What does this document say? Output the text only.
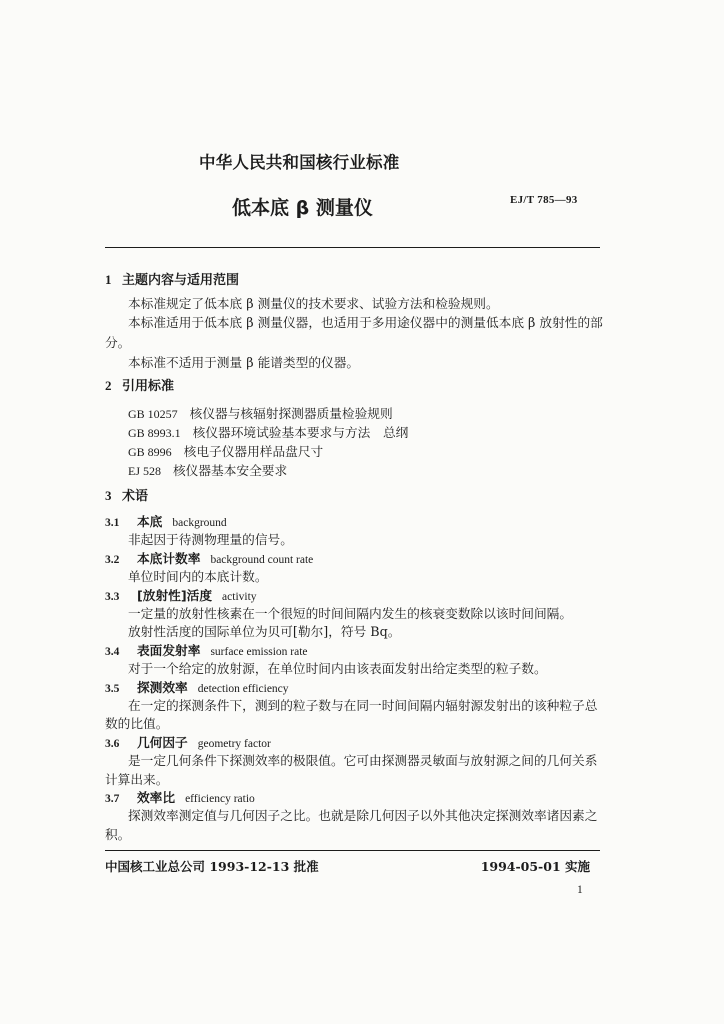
中华人民共和国核行业标准
低本底 β 测量仪	EJ/T 785—93
1 主题内容与适用范围
本标准规定了低本底 β 测量仪的技术要求、试验方法和检验规则。
本标准适用于低本底 β 测量仪器，也适用于多用途仪器中的测量低本底 β 放射性的部
分。
本标准不适用于测量 β 能谱类型的仪器。
2 引用标准
GB 10257 核仪器与核辐射探测器质量检验规则
GB 8993.1 核仪器环境试验基本要求与方法　总纲
GB 8996 核电子仪器用样品盘尺寸
EJ 528 核仪器基本安全要求
3 术语
3.1 本底 background
非起因于待测物理量的信号。
3.2 本底计数率 background count rate
单位时间内的本底计数。
3.3 [放射性]活度 activity
一定量的放射性核素在一个很短的时间间隔内发生的核衰变数除以该时间间隔。
放射性活度的国际单位为贝可[勒尔]，符号 Bq。
3.4 表面发射率 surface emission rate
对于一个给定的放射源，在单位时间内由该表面发射出给定类型的粒子数。
3.5 探测效率 detection efficiency
在一定的探测条件下，测到的粒子数与在同一时间间隔内辐射源发射出的该种粒子总
数的比值。
3.6 几何因子 geometry factor
是一定几何条件下探测效率的极限值。它可由探测器灵敏面与放射源之间的几何关系
计算出来。
3.7 效率比 efficiency ratio
探测效率测定值与几何因子之比。也就是除几何因子以外其他决定探测效率诸因素之
积。
中国核工业总公司 1993-12-13 批准	1994-05-01 实施
1
